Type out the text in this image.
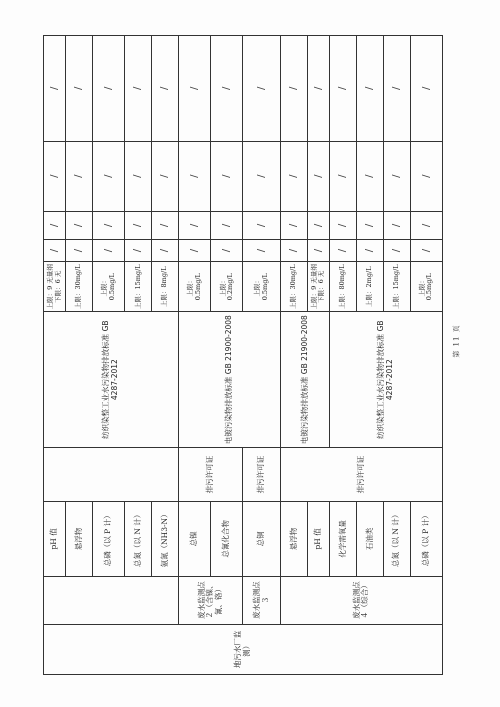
地污水厂监测）		pH 值		纺织染整工业水污染物排放标准 GB 4287-2012	上限：9 无量纲 下限：6 无	/	/	/	/
		悬浮物			上限：30mg/L	/	/	/	/
		总磷（以 P 计）			上限：0.5mg/L	/	/	/	/
		总氮（以 N 计）			上限：15mg/L	/	/	/	/
		氨氮（NH3-N）			上限：8mg/L	/	/	/	/
	废水监测点２（含镍、氰、铬）	总镍	排污许可证	电镀污染物排放标准 GB 21900-2008	上限：0.5mg/L	/	/	/	/
		总氰化合物			上限：0.2mg/L	/	/	/	/
	废水监测点３	总铜	排污许可证		上限：0.5mg/L	/	/	/	/
	废水监测点４（综合）	悬浮物	排污许可证	电镀污染物排放标准 GB 21900-2008	上限：30mg/L	/	/	/	/
		pH 值			上限：9 无量纲 下限：6 无	/	/	/	/
		化学需氧量		纺织染整工业水污染物排放标准 GB 4287-2012	上限：80mg/L	/	/	/	/
		石油类			上限：2mg/L	/	/	/	/
		总氮（以 N 计）			上限：15mg/L	/	/	/	/
		总磷（以 P 计）			上限：0.5mg/L	/	/	/	/
第 11 页
